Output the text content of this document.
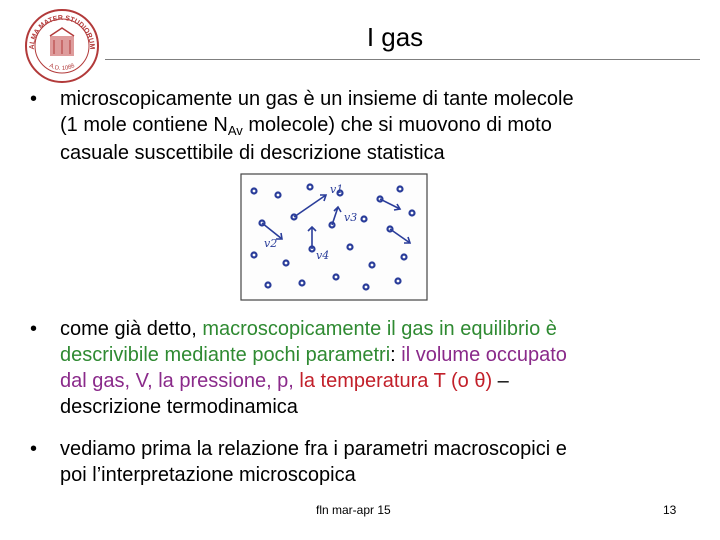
ALMA MATER STUDIORUM
A.D. 1088
I gas
• microscopicamente un gas è un insieme di tante molecole
(1 mole contiene $N_{Av}$ molecole) che si muovono di moto
casuale suscettibile di descrizione statistica
v1
v2
v3
v4
• come già detto, macroscopicamente il gas in equilibrio è
descrivibile mediante pochi parametri: il volume occupato
dal gas, V, la pressione, p, la temperatura T (o θ) –
descrizione termodinamica
• vediamo prima la relazione fra i parametri macroscopici e
poi l’interpretazione microscopica
fln mar-apr 15	13
